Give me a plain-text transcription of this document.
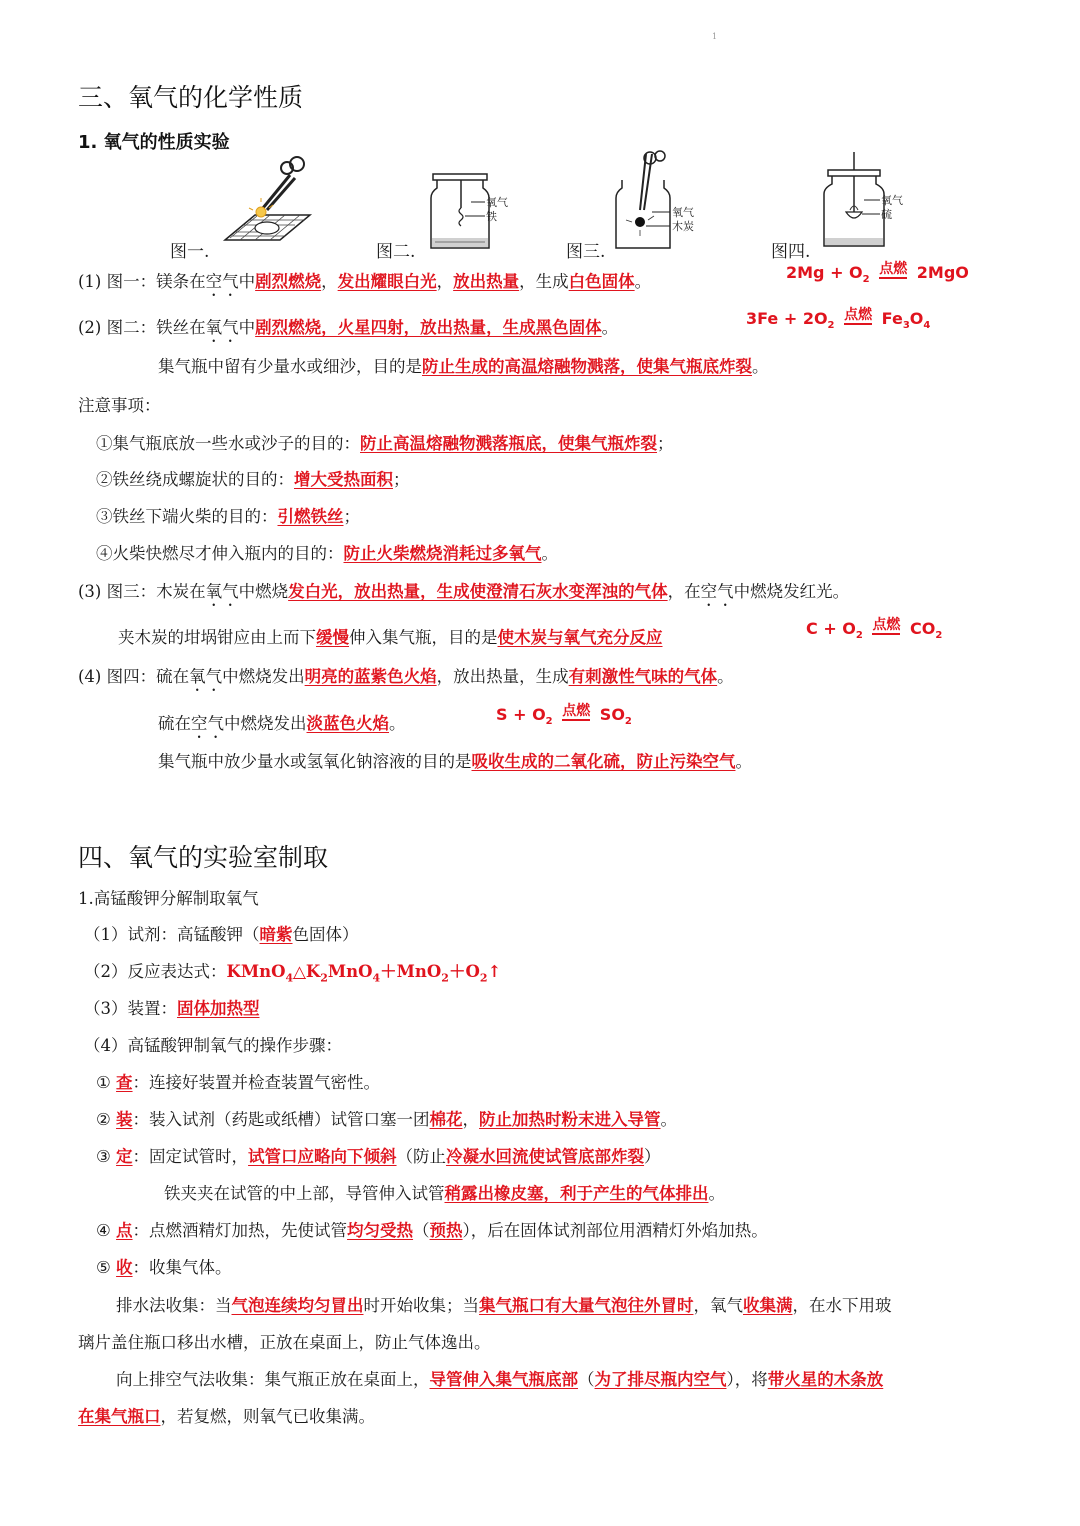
1
三、氧气的化学性质
1. 氧气的性质实验
图一.
氧气
铁
图二.
氧气
木炭
图三.
氧气
硫
图四.
(1) 图一：镁条在空气中剧烈燃烧，发出耀眼白光，放出热量，生成白色固体。	$2Mg + O_2$
点燃 2MgO
(2) 图二：铁丝在氧气中剧烈燃烧，火星四射，放出热量，生成黑色固体。	$3Fe + 2O_2$
点燃 $Fe_3O_4$
集气瓶中留有少量水或细沙，目的是防止生成的高温熔融物溅落，使集气瓶底炸裂。
注意事项：
①集气瓶底放一些水或沙子的目的：防止高温熔融物溅落瓶底，使集气瓶炸裂；
②铁丝绕成螺旋状的目的：增大受热面积；
③铁丝下端火柴的目的：引燃铁丝；
④火柴快燃尽才伸入瓶内的目的：防止火柴燃烧消耗过多氧气。
(3) 图三：木炭在氧气中燃烧发白光，放出热量，生成使澄清石灰水变浑浊的气体，在空气中燃烧发红光。
夹木炭的坩埚钳应由上而下缓慢伸入集气瓶，目的是使木炭与氧气充分反应	$C + O_2$
点燃 $CO_2$
(4) 图四：硫在氧气中燃烧发出明亮的蓝紫色火焰，放出热量，生成有刺激性气味的气体。
硫在空气中燃烧发出淡蓝色火焰。	$S + O_2$
点燃 $SO_2$
集气瓶中放少量水或氢氧化钠溶液的目的是吸收生成的二氧化硫，防止污染空气。
四、氧气的实验室制取
1.高锰酸钾分解制取氧气
（1）试剂：高锰酸钾（暗紫色固体）
（2）反应表达式：$KMnO_4\triangle K_2MnO_4+MnO_2+O_2↑$
（3）装置：固体加热型
（4）高锰酸钾制氧气的操作步骤：
① 查：连接好装置并检查装置气密性。
② 装：装入试剂（药匙或纸槽）试管口塞一团棉花，防止加热时粉末进入导管。
③ 定：固定试管时，试管口应略向下倾斜（防止冷凝水回流使试管底部炸裂）
铁夹夹在试管的中上部，导管伸入试管稍露出橡皮塞，利于产生的气体排出。
④ 点：点燃酒精灯加热，先使试管均匀受热（预热），后在固体试剂部位用酒精灯外焰加热。
⑤ 收：收集气体。
排水法收集：当气泡连续均匀冒出时开始收集；当集气瓶口有大量气泡往外冒时，氧气收集满，在水下用玻
璃片盖住瓶口移出水槽，正放在桌面上，防止气体逸出。
向上排空气法收集：集气瓶正放在桌面上，导管伸入集气瓶底部（为了排尽瓶内空气），将带火星的木条放
在集气瓶口，若复燃，则氧气已收集满。
